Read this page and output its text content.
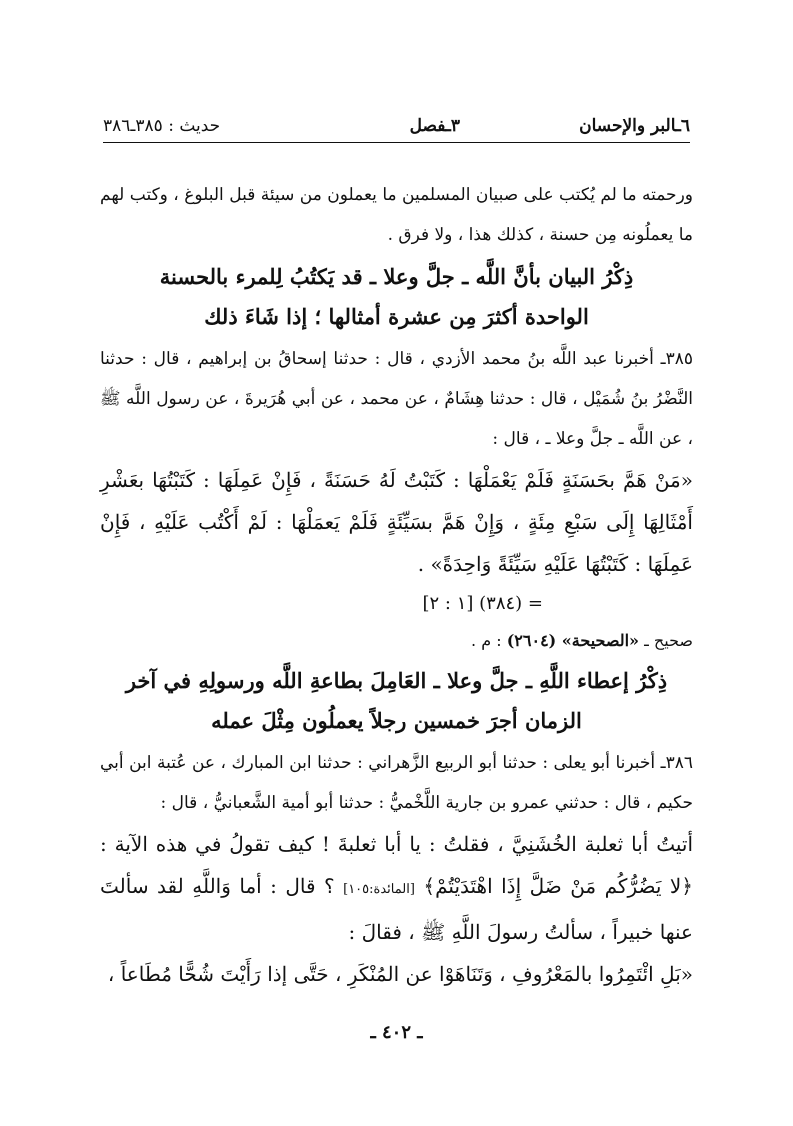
٦ـالبر والإحسان
٣ـفصل
حديث : ٣٨٥ـ٣٨٦

ورحمته ما لم يُكتب على صبيان المسلمين ما يعملون من سيئة قبل البلوغ ، وكتب لهم ما يعملُونه مِن حسنة ، كذلك هذا ، ولا فرق .

ذِكْرُ البيان بأنَّ اللَّه ـ جلَّ وعلا ـ قد يَكتُبُ لِلمرء بالحسنة
الواحدة أكثرَ مِن عشرة أمثالها ؛ إذا شَاءَ ذلك

٣٨٥ـ أخبرنا عبد اللَّه بنُ محمد الأزدي ، قال : حدثنا إسحاقُ بن إبراهيم ، قال : حدثنا النَّضْرُ بنُ شُمَيْل ، قال : حدثنا هِشَامٌ ، عن محمد ، عن أبي هُرَيرةَ ، عن رسول اللَّه ﷺ ، عن اللَّه ـ جلَّ وعلا ـ ، قال :

«مَنْ هَمَّ بحَسَنَةٍ فَلَمْ يَعْمَلْهَا : كَتَبْتُ لَهُ حَسَنَةً ، فَإِنْ عَمِلَهَا : كَتَبْتُهَا بعَشْرِ أَمْثَالِهَا إِلَى سَبْعِ مِئَةٍ ، وَإِنْ هَمَّ بسَيِّئَةٍ فَلَمْ يَعمَلْهَا : لَمْ أَكْتُب عَلَيْهِ ، فَإِنْ عَمِلَهَا : كَتَبْتُهَا عَلَيْهِ سَيِّئَةً وَاحِدَةً» .

= (٣٨٤) [١ : ٢]

صحيح ـ «الصحيحة» (٢٦٠٤) : م .

ذِكْرُ إعطاء اللَّهِ ـ جلَّ وعلا ـ العَامِلَ بطاعةِ اللَّه ورسولِهِ في آخر
الزمان أجرَ خمسين رجلاً يعملُون مِثْلَ عمله

٣٨٦ـ أخبرنا أبو يعلى : حدثنا أبو الربيع الزَّهراني : حدثنا ابن المبارك ، عن عُتبة ابن أبي حكيم ، قال : حدثني عمرو بن جارية اللَّخْميُّ : حدثنا أبو أمية الشَّعبانيُّ ، قال :

أتيتُ أبا ثعلبة الخُشَنِيَّ ، فقلتُ : يا أبا ثعلبةَ ! كيف تقولُ في هذه الآية : ﴿لا يَضُرُّكُم مَنْ ضَلَّ إِذَا اهْتَدَيْتُمْ﴾ [المائدة:١٠٥] ؟ قال : أما وَاللَّهِ لقد سألتَ عنها خبيراً ، سألتُ رسولَ اللَّهِ ﷺ ، فقالَ :

«بَلِ ائْتَمِرُوا بالمَعْرُوفِ ، وَتَنَاهَوْا عن المُنْكَرِ ، حَتَّى إذا رَأَيْتَ شُحًّا مُطَاعاً ،

ـ ٤٠٢ ـ
